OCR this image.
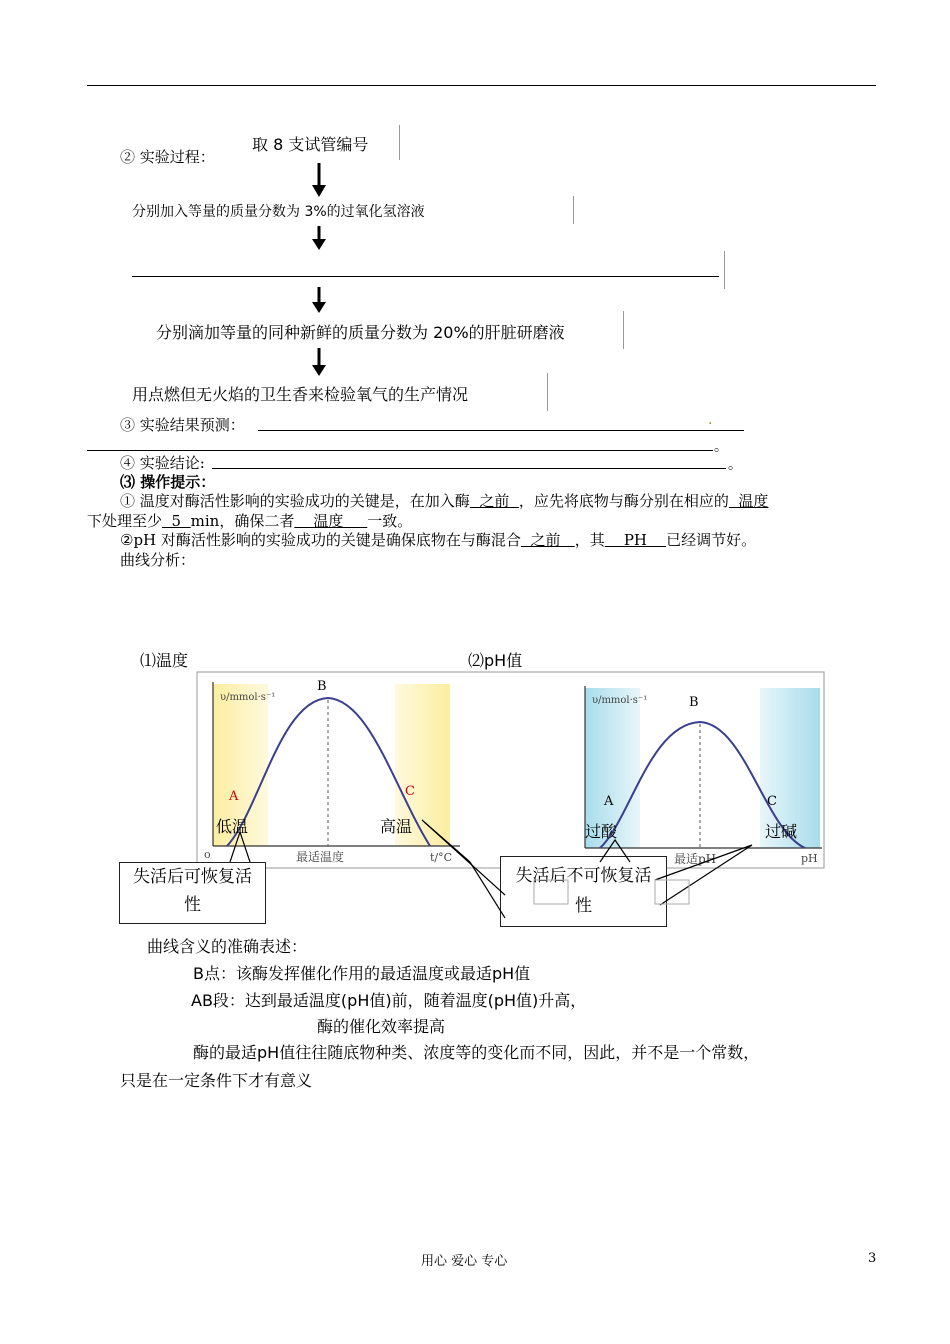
② 实验过程：
取 8 支试管编号
分别加入等量的质量分数为 3%的过氧化氢溶液
分别滴加等量的同种新鲜的质量分数为 20%的肝脏研磨液
用点燃但无火焰的卫生香来检验氧气的生产情况
③ 实验结果预测：	.
。
④ 实验结论:	。
⑶ 操作提示：
① 温度对酶活性影响的实验成功的关键是，在加入酶  之前  ，应先将底物与酶分别在相应的  温度
下处理至少  5  min，确保二者    温度     一致。
②pH 对酶活性影响的实验成功的关键是确保底物在与酶混合  之前   ，其    PH    已经调节好。
曲线分析：
⑴温度	⑵pH值
υ/mmol·s⁻¹
o	最适温度	t/°C
B
A	C
低温	高温
υ/mmol·s⁻¹
最适pH	pH
B
A	C
过酸	过碱
失活后可恢复活
性
失活后不可恢复活
性
曲线含义的准确表述：
B点：该酶发挥催化作用的最适温度或最适pH值
AB段：达到最适温度(pH值)前，随着温度(pH值)升高，
酶的催化效率提高
酶的最适pH值往往随底物种类、浓度等的变化而不同，因此，并不是一个常数，
只是在一定条件下才有意义
用心 爱心 专心	3
